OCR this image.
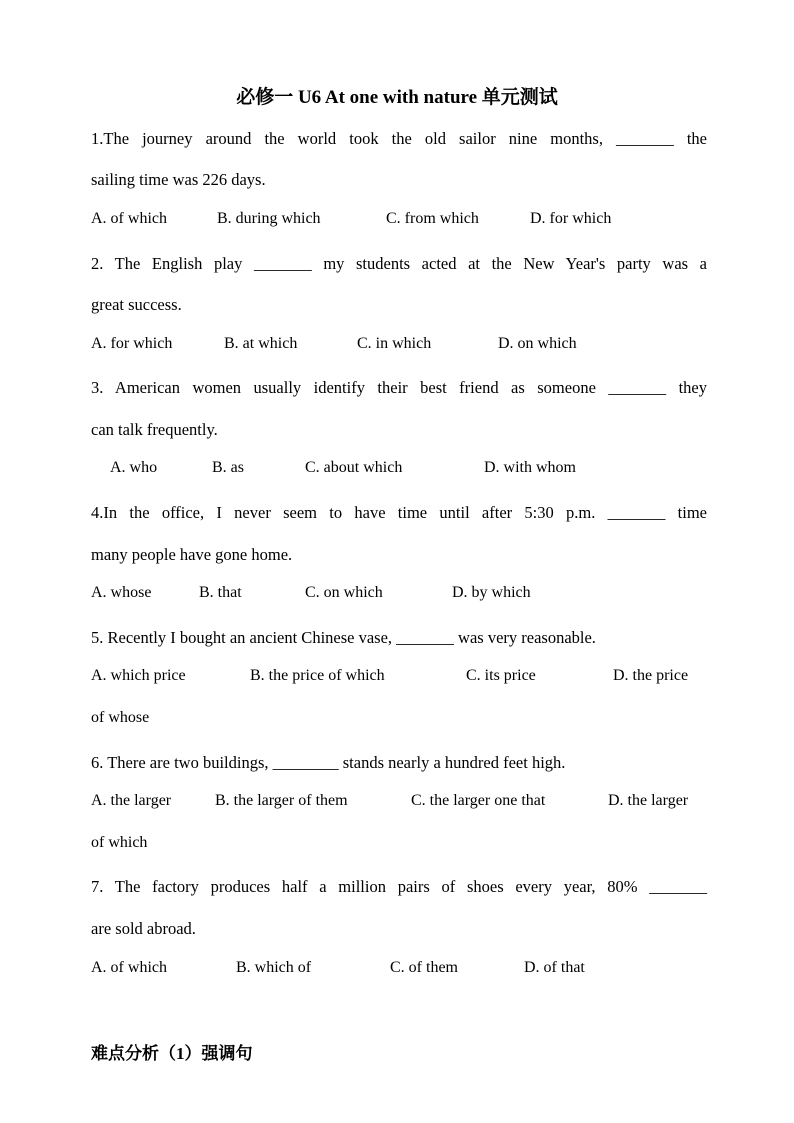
必修一 U6 At one with nature 单元测试
1.The journey around the world took the old sailor nine months, _______ the
sailing time was 226 days.
A. of which	B. during which	C. from which	D. for which
2. The English play _______ my students acted at the New Year's party was a
great success.
A. for which	B. at which	C. in which	D. on which
3. American women usually identify their best friend as someone _______ they
can talk frequently.
A. who	B. as	C. about which	D. with whom
4.In the office, I never seem to have time until after 5:30 p.m. _______ time
many people have gone home.
A. whose	B. that	C. on which	D. by which
5. Recently I bought an ancient Chinese vase, _______ was very reasonable.
A. which price	B. the price of which	C. its price	D. the price
of whose
6. There are two buildings, ________ stands nearly a hundred feet high.
A. the larger	B. the larger of them	C. the larger one that	D. the larger
of which
7. The factory produces half a million pairs of shoes every year, 80% _______
are sold abroad.
A. of which	B. which of	C. of them	D. of that
难点分析（1）强调句
